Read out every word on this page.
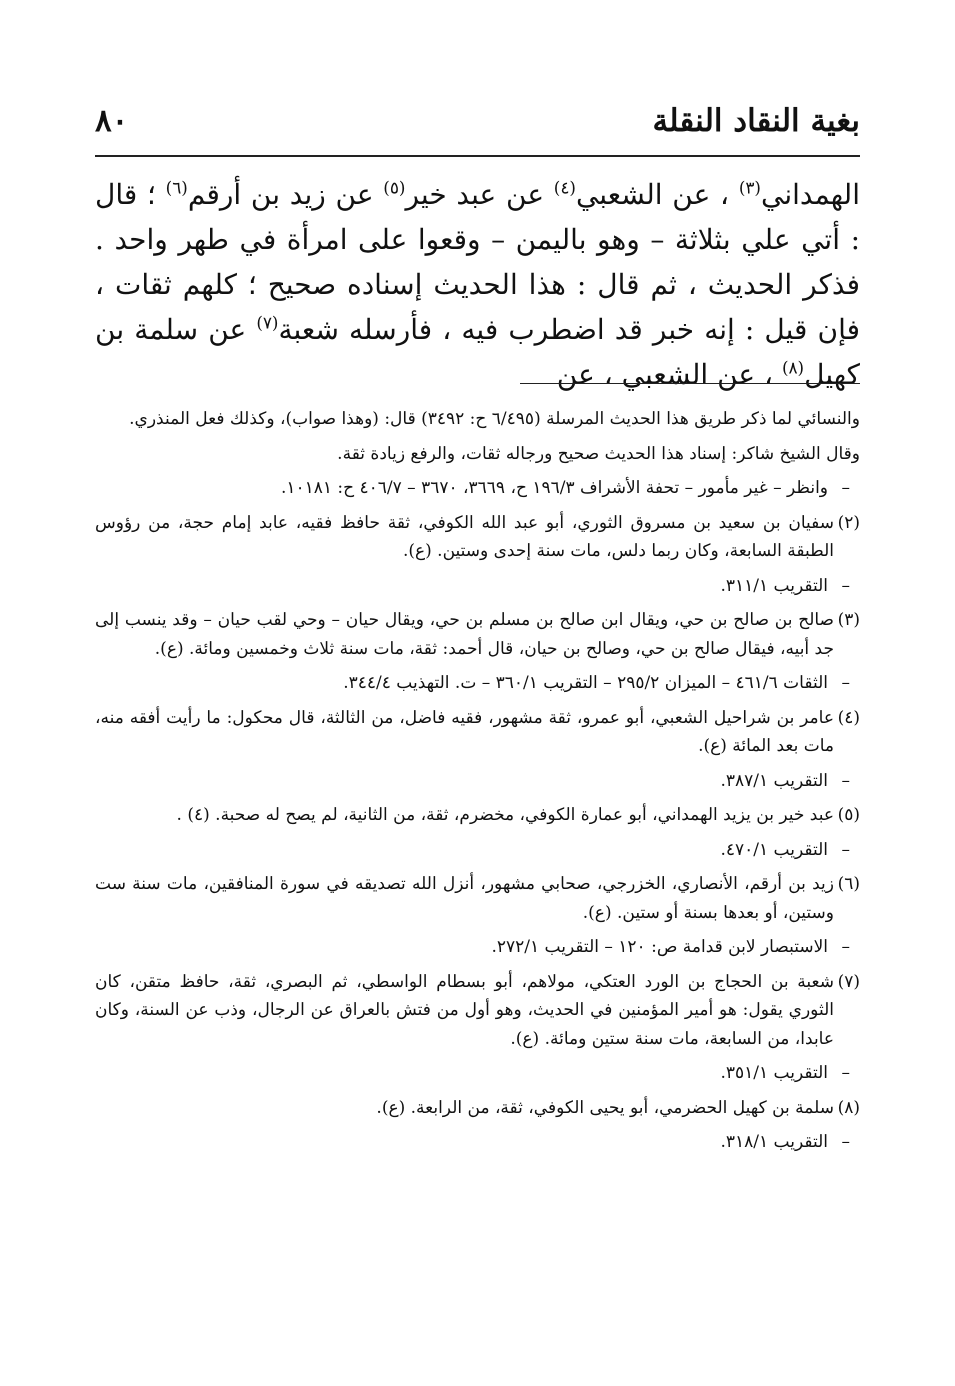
بغية النقاد النقلة
٨٠

الهمداني$^{(٣)}$ ، عن الشعبي$^{(٤)}$ عن عبد خير$^{(٥)}$ عن زيد بن أرقم$^{(٦)}$ ؛ قال : أتي علي بثلاثة – وهو باليمن – وقعوا على امرأة في طهر واحد . فذكر الحديث ، ثم قال : هذا الحديث إسناده صحيح ؛ كلهم ثقات ، فإن قيل : إنه خبر قد اضطرب فيه ، فأرسله شعبة$^{(٧)}$ عن سلمة بن كهيل$^{(٨)}$ ، عن الشعبي ، عن

والنسائي لما ذكر طريق هذا الحديث المرسلة (٦/٤٩٥ ح: ٣٤٩٢) قال: (وهذا صواب)، وكذلك فعل المنذري.

وقال الشيخ شاكر: إسناد هذا الحديث صحيح ورجاله ثقات، والرفع زيادة ثقة.

–وانظر – غير مأمور – تحفة الأشراف ١٩٦/٣ ح، ٣٦٦٩، ٣٦٧٠ – ٤٠٦/٧ ح: ١٠١٨١.

(٢)سفيان بن سعيد بن مسروق الثوري، أبو عبد الله الكوفي، ثقة حافظ فقيه، عابد إمام حجة، من رؤوس الطبقة السابعة، وكان ربما دلس، مات سنة إحدى وستين. (ع).

–التقريب ٣١١/١.

(٣)صالح بن صالح بن حي، ويقال ابن صالح بن مسلم بن حي، ويقال حيان – وحي لقب حيان – وقد ينسب إلى جد أبيه، فيقال صالح بن حي، وصالح بن حيان، قال أحمد: ثقة، مات سنة ثلاث وخمسين ومائة. (ع).

–الثقات ٤٦١/٦ – الميزان ٢٩٥/٢ – التقريب ٣٦٠/١ – ت. التهذيب ٣٤٤/٤.

(٤)عامر بن شراحيل الشعبي، أبو عمرو، ثقة مشهور، فقيه فاضل، من الثالثة، قال محكول: ما رأيت أفقه منه، مات بعد المائة (ع).

–التقريب ٣٨٧/١.

(٥)عبد خير بن يزيد الهمداني، أبو عمارة الكوفي، مخضرم، ثقة، من الثانية، لم يصح له صحبة. (٤) .

–التقريب ٤٧٠/١.

(٦)زيد بن أرقم، الأنصاري، الخزرجي، صحابي مشهور، أنزل الله تصديقه في سورة المنافقين، مات سنة ست وستين، أو بعدها بسنة أو ستين. (ع).

–الاستبصار لابن قدامة ص: ١٢٠ – التقريب ٢٧٢/١.

(٧)شعبة بن الحجاج بن الورد العتكي، مولاهم، أبو بسطام الواسطي، ثم البصري، ثقة، حافظ متقن، كان الثوري يقول: هو أمير المؤمنين في الحديث، وهو أول من فتش بالعراق عن الرجال، وذب عن السنة، وكان عابدا، من السابعة، مات سنة ستين ومائة. (ع).

–التقريب ٣٥١/١.

(٨)سلمة بن كهيل الحضرمي، أبو يحيى الكوفي، ثقة، من الرابعة. (ع).

–التقريب ٣١٨/١.
